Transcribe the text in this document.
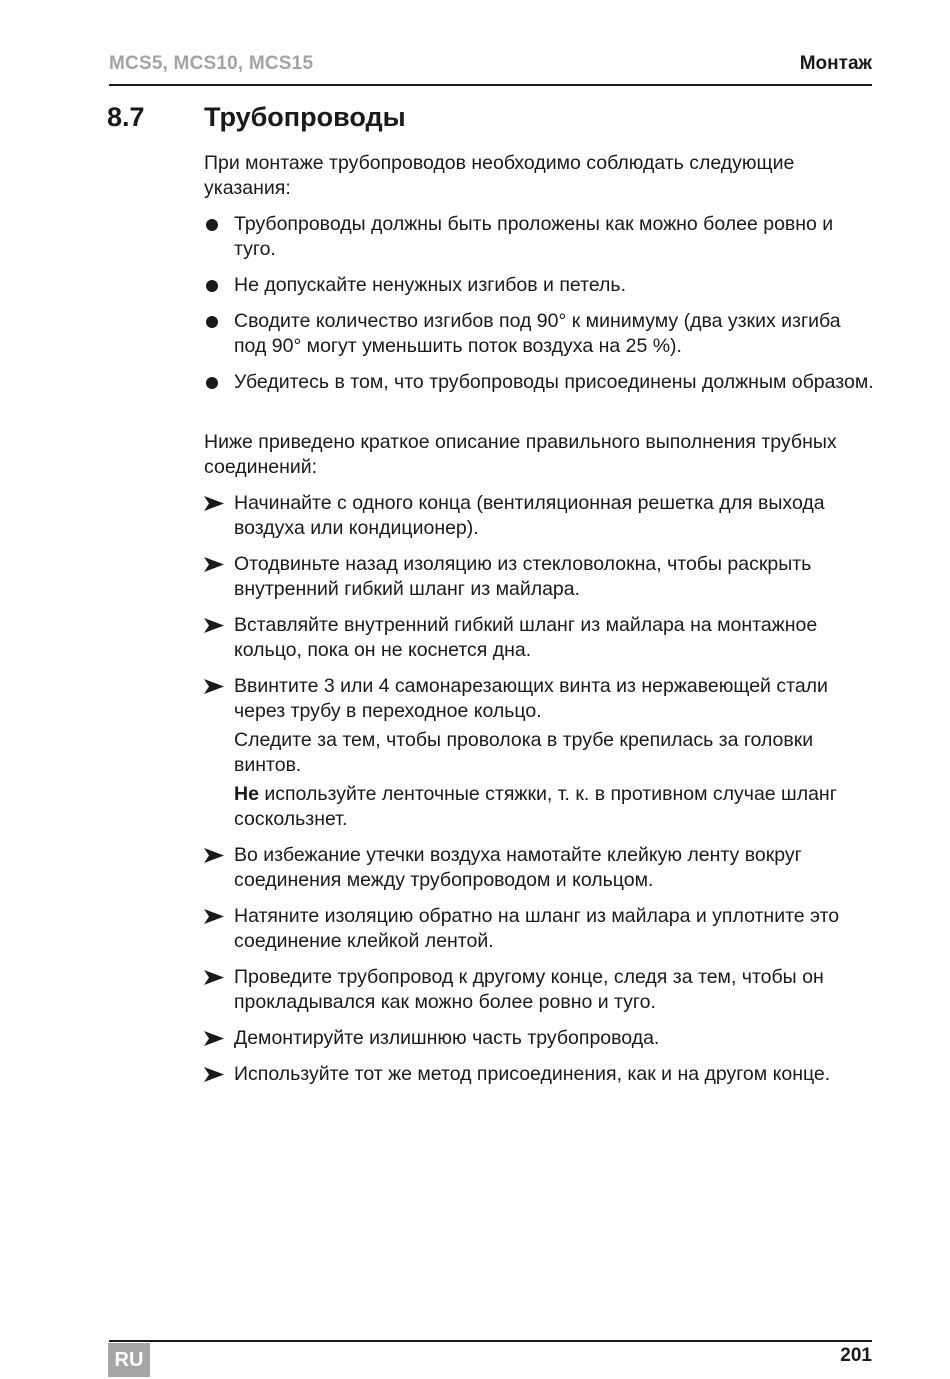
MCS5, MCS10, MCS15	Монтаж
8.7 Трубопроводы

При монтаже трубопроводов необходимо соблюдать следующие указания:

Трубопроводы должны быть проложены как можно более ровно и туго.

Не допускайте ненужных изгибов и петель.

Сводите количество изгибов под 90° к минимуму (два узких изгиба под 90° могут уменьшить поток воздуха на 25 %).

Убедитесь в том, что трубопроводы присоединены должным образом.

Ниже приведено краткое описание правильного выполнения трубных соединений:

Начинайте с одного конца (вентиляционная решетка для выхода воздуха или кондиционер).

Отодвиньте назад изоляцию из стекловолокна, чтобы раскрыть внутренний гибкий шланг из майлара.

Вставляйте внутренний гибкий шланг из майлара на монтажное кольцо, пока он не коснется дна.

Ввинтите 3 или 4 самонарезающих винта из нержавеющей стали через трубу в переходное кольцо.

Следите за тем, чтобы проволока в трубе крепилась за головки винтов.

Не используйте ленточные стяжки, т. к. в противном случае шланг соскользнет.

Во избежание утечки воздуха намотайте клейкую ленту вокруг соединения между трубопроводом и кольцом.

Натяните изоляцию обратно на шланг из майлара и уплотните это соединение клейкой лентой.

Проведите трубопровод к другому концe, следя за тем, чтобы он прокладывался как можно более ровно и туго.

Демонтируйте излишнюю часть трубопровода.

Используйте тот же метод присоединения, как и на другом конце.

RU	201
